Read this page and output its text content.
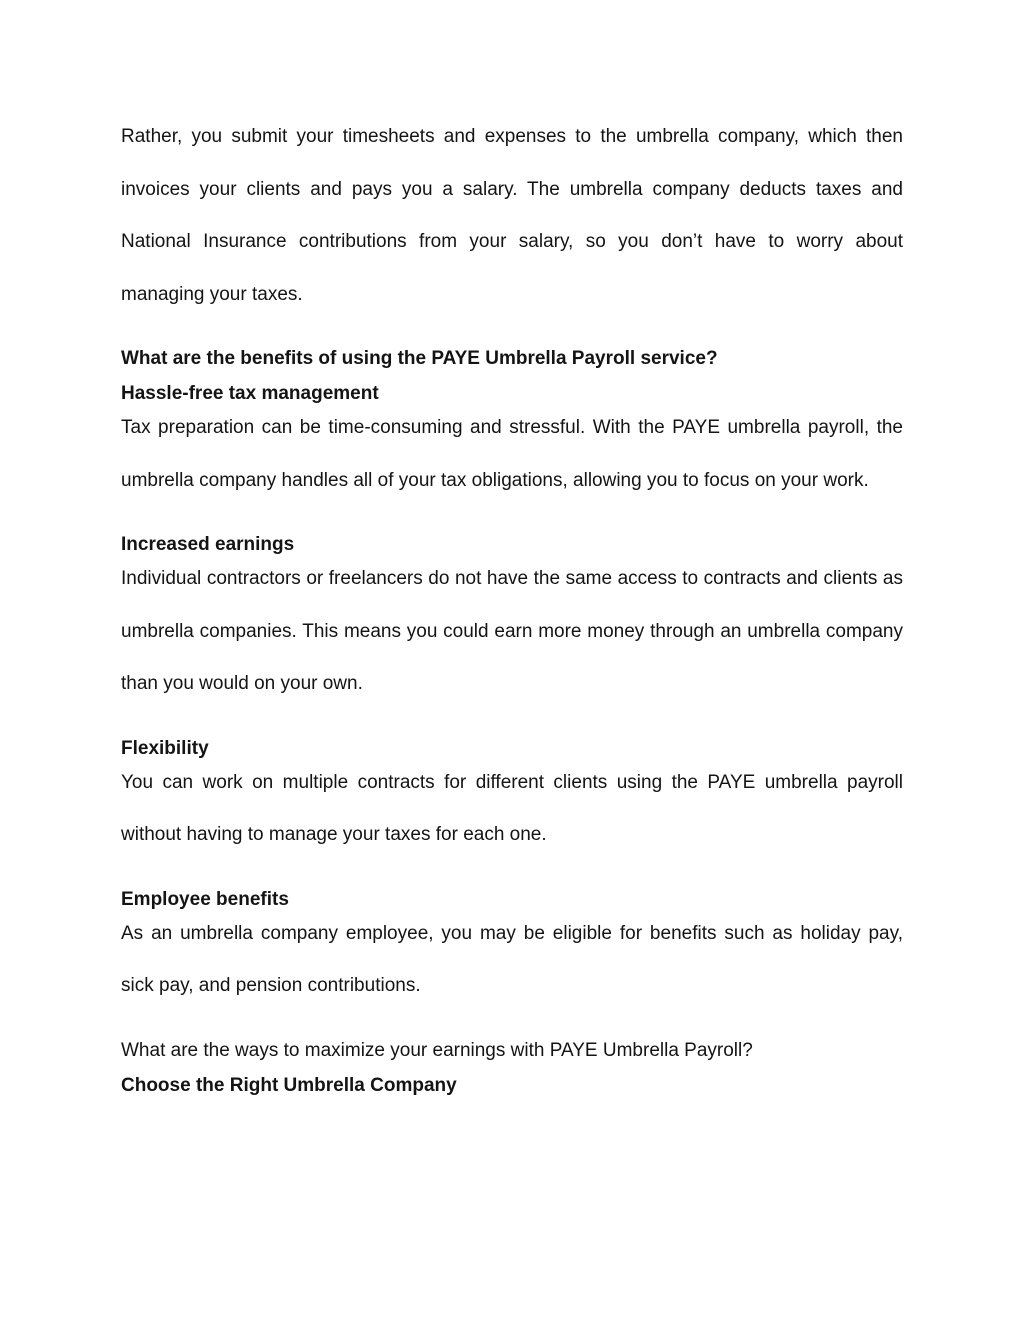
Rather, you submit your timesheets and expenses to the umbrella company, which then invoices your clients and pays you a salary. The umbrella company deducts taxes and National Insurance contributions from your salary, so you don’t have to worry about managing your taxes.

What are the benefits of using the PAYE Umbrella Payroll service?

Hassle-free tax management

Tax preparation can be time-consuming and stressful. With the PAYE umbrella payroll, the umbrella company handles all of your tax obligations, allowing you to focus on your work.

Increased earnings

Individual contractors or freelancers do not have the same access to contracts and clients as umbrella companies. This means you could earn more money through an umbrella company than you would on your own.

Flexibility

You can work on multiple contracts for different clients using the PAYE umbrella payroll without having to manage your taxes for each one.

Employee benefits

As an umbrella company employee, you may be eligible for benefits such as holiday pay, sick pay, and pension contributions.

What are the ways to maximize your earnings with PAYE Umbrella Payroll?

Choose the Right Umbrella Company
